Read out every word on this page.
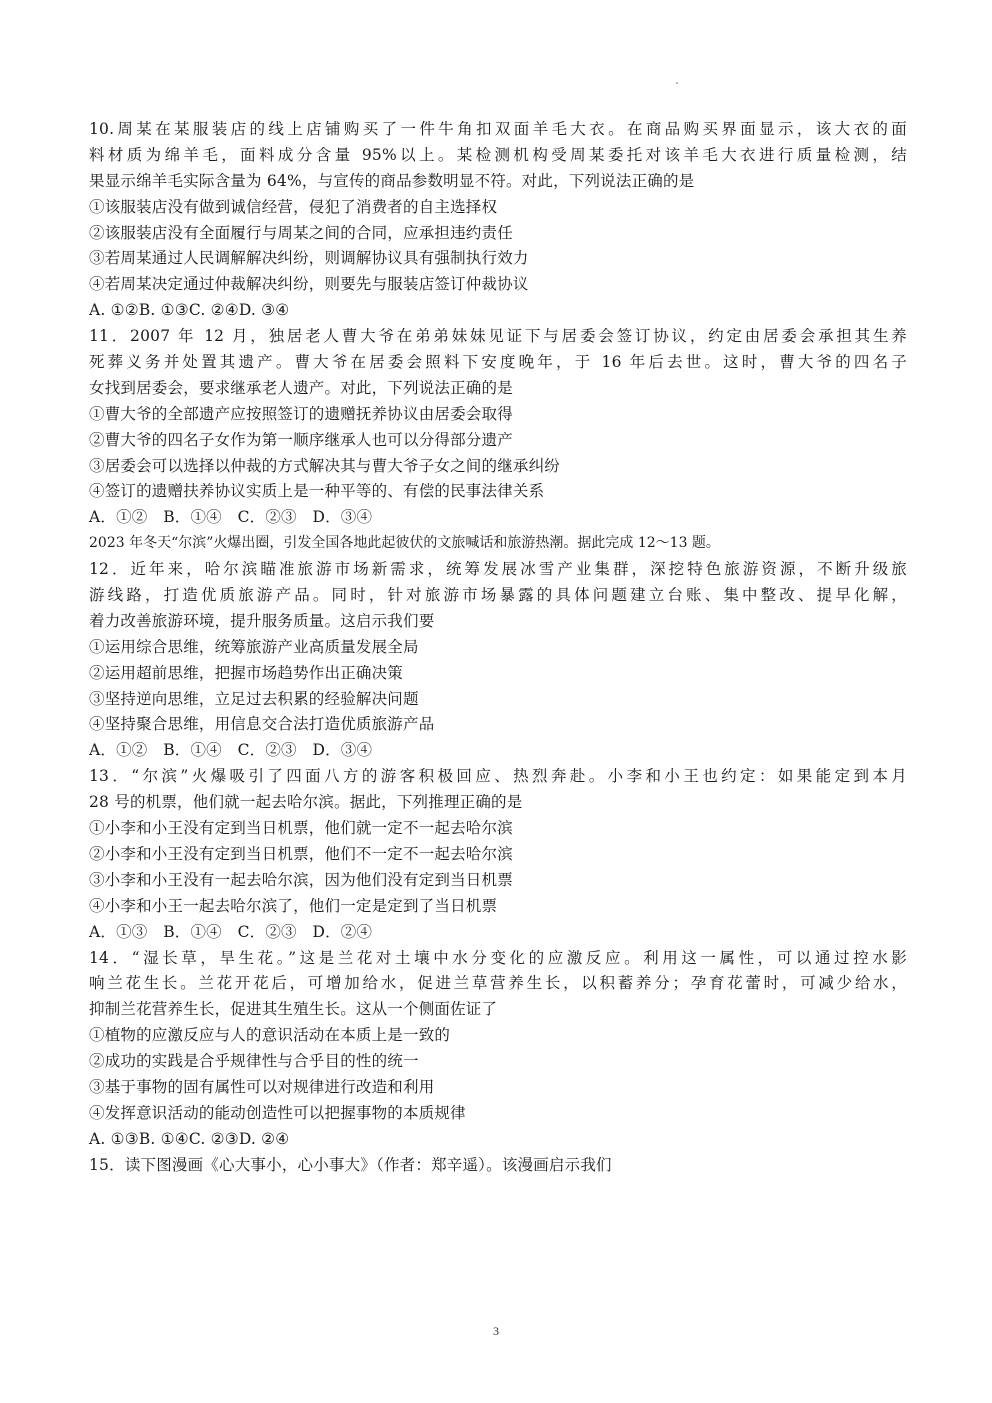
10.周某在某服装店的线上店铺购买了一件牛角扣双面羊毛大衣。在商品购买界面显示，该大衣的面
料材质为绵羊毛，面料成分含量 95%以上。某检测机构受周某委托对该羊毛大衣进行质量检测，结
果显示绵羊毛实际含量为 64%，与宣传的商品参数明显不符。对此，下列说法正确的是
①该服装店没有做到诚信经营，侵犯了消费者的自主选择权
②该服装店没有全面履行与周某之间的合同，应承担违约责任
③若周某通过人民调解解决纠纷，则调解协议具有强制执行效力
④若周某决定通过仲裁解决纠纷，则要先与服装店签订仲裁协议
A. ①②B. ①③C. ②④D. ③④
11．2007 年 12 月，独居老人曹大爷在弟弟妹妹见证下与居委会签订协议，约定由居委会承担其生养
死葬义务并处置其遗产。曹大爷在居委会照料下安度晚年，于 16 年后去世。这时，曹大爷的四名子
女找到居委会，要求继承老人遗产。对此，下列说法正确的是
①曹大爷的全部遗产应按照签订的遗赠抚养协议由居委会取得
②曹大爷的四名子女作为第一顺序继承人也可以分得部分遗产
③居委会可以选择以仲裁的方式解决其与曹大爷子女之间的继承纠纷
④签订的遗赠扶养协议实质上是一种平等的、有偿的民事法律关系
A．①②　B．①④　C．②③　D．③④
2023 年冬天“尔滨”火爆出圈，引发全国各地此起彼伏的文旅喊话和旅游热潮。据此完成 12～13 题。
12．近年来，哈尔滨瞄准旅游市场新需求，统筹发展冰雪产业集群，深挖特色旅游资源，不断升级旅
游线路，打造优质旅游产品。同时，针对旅游市场暴露的具体问题建立台账、集中整改、提早化解，
着力改善旅游环境，提升服务质量。这启示我们要
①运用综合思维，统筹旅游产业高质量发展全局
②运用超前思维，把握市场趋势作出正确决策
③坚持逆向思维，立足过去积累的经验解决问题
④坚持聚合思维，用信息交合法打造优质旅游产品
A．①②　B．①④　C．②③　D．③④
13．“尔滨”火爆吸引了四面八方的游客积极回应、热烈奔赴。小李和小王也约定：如果能定到本月
28 号的机票，他们就一起去哈尔滨。据此，下列推理正确的是
①小李和小王没有定到当日机票，他们就一定不一起去哈尔滨
②小李和小王没有定到当日机票，他们不一定不一起去哈尔滨
③小李和小王没有一起去哈尔滨，因为他们没有定到当日机票
④小李和小王一起去哈尔滨了，他们一定是定到了当日机票
A．①③　B．①④　C．②③　D．②④
14．“湿长草，旱生花。”这是兰花对土壤中水分变化的应激反应。利用这一属性，可以通过控水影
响兰花生长。兰花开花后，可增加给水，促进兰草营养生长，以积蓄养分；孕育花蕾时，可减少给水，
抑制兰花营养生长，促进其生殖生长。这从一个侧面佐证了
①植物的应激反应与人的意识活动在本质上是一致的
②成功的实践是合乎规律性与合乎目的性的统一
③基于事物的固有属性可以对规律进行改造和利用
④发挥意识活动的能动创造性可以把握事物的本质规律
A. ①③B. ①④C. ②③D. ②④
15．读下图漫画《心大事小，心小事大》（作者：郑辛遥）。该漫画启示我们
3
